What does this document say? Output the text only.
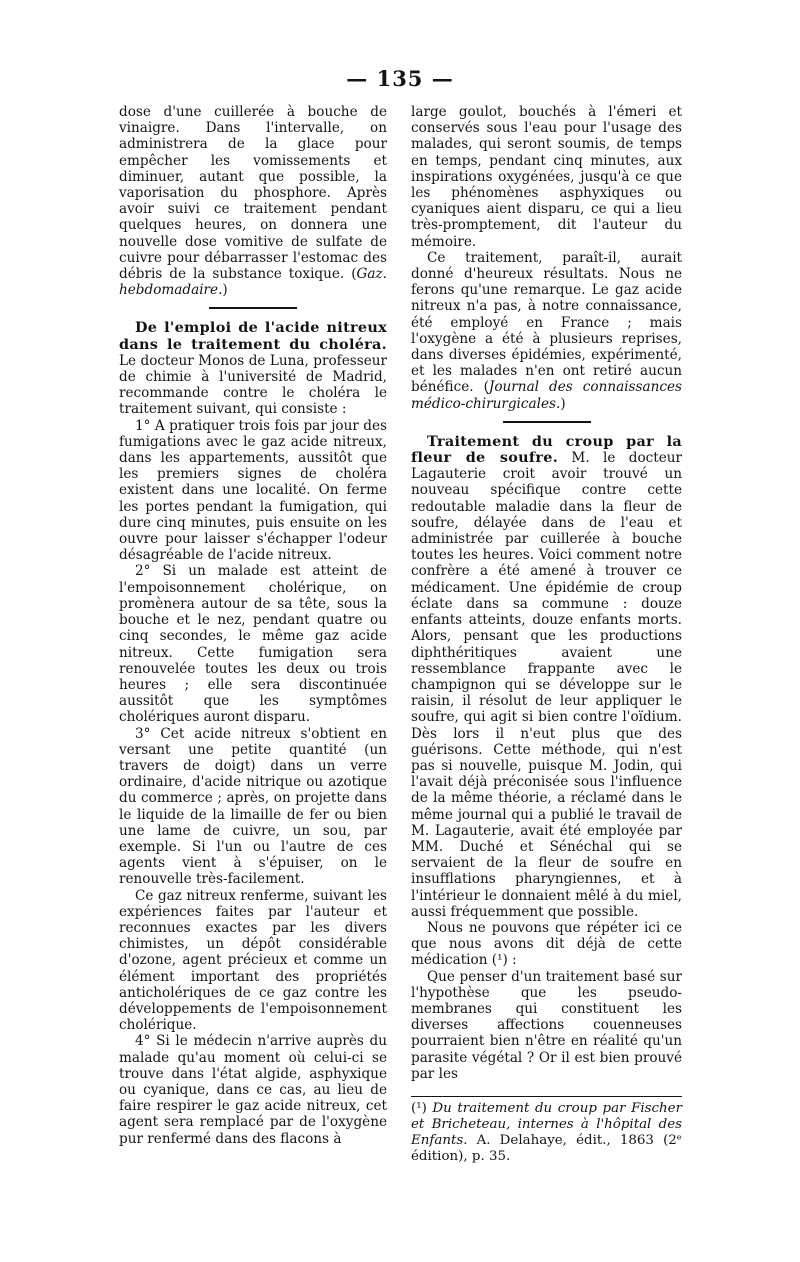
— 135 —

dose d'une cuillerée à bouche de vinaigre. Dans l'intervalle, on administrera de la glace pour empêcher les vomissements et diminuer, autant que possible, la vaporisation du phosphore. Après avoir suivi ce traitement pendant quelques heures, on donnera une nouvelle dose vomitive de sulfate de cuivre pour débarrasser l'estomac des débris de la substance toxique. (Gaz. hebdomadaire.)

De l'emploi de l'acide nitreux dans le traitement du choléra. Le docteur Monos de Luna, professeur de chimie à l'université de Madrid, recommande contre le choléra le traitement suivant, qui consiste :

1° A pratiquer trois fois par jour des fumigations avec le gaz acide nitreux, dans les appartements, aussitôt que les premiers signes de choléra existent dans une localité. On ferme les portes pendant la fumigation, qui dure cinq minutes, puis ensuite on les ouvre pour laisser s'échapper l'odeur désagréable de l'acide nitreux.

2° Si un malade est atteint de l'empoisonnement cholérique, on promènera autour de sa tête, sous la bouche et le nez, pendant quatre ou cinq secondes, le même gaz acide nitreux. Cette fumigation sera renouvelée toutes les deux ou trois heures ; elle sera discontinuée aussitôt que les symptômes cholériques auront disparu.

3° Cet acide nitreux s'obtient en versant une petite quantité (un travers de doigt) dans un verre ordinaire, d'acide nitrique ou azotique du commerce ; après, on projette dans le liquide de la limaille de fer ou bien une lame de cuivre, un sou, par exemple. Si l'un ou l'autre de ces agents vient à s'épuiser, on le renouvelle très-facilement.

Ce gaz nitreux renferme, suivant les expériences faites par l'auteur et reconnues exactes par les divers chimistes, un dépôt considérable d'ozone, agent précieux et comme un élément important des propriétés anticholériques de ce gaz contre les développements de l'empoisonnement cholérique.

4° Si le médecin n'arrive auprès du malade qu'au moment où celui-ci se trouve dans l'état algide, asphyxique ou cyanique, dans ce cas, au lieu de faire respirer le gaz acide nitreux, cet agent sera remplacé par de l'oxygène pur renfermé dans des flacons à

large goulot, bouchés à l'émeri et conservés sous l'eau pour l'usage des malades, qui seront soumis, de temps en temps, pendant cinq minutes, aux inspirations oxygénées, jusqu'à ce que les phénomènes asphyxiques ou cyaniques aient disparu, ce qui a lieu très-promptement, dit l'auteur du mémoire.

Ce traitement, paraît-il, aurait donné d'heureux résultats. Nous ne ferons qu'une remarque. Le gaz acide nitreux n'a pas, à notre connaissance, été employé en France ; mais l'oxygène a été à plusieurs reprises, dans diverses épidémies, expérimenté, et les malades n'en ont retiré aucun bénéfice. (Journal des connaissances médico-chirurgicales.)

Traitement du croup par la fleur de soufre. M. le docteur Lagauterie croit avoir trouvé un nouveau spécifique contre cette redoutable maladie dans la fleur de soufre, délayée dans de l'eau et administrée par cuillerée à bouche toutes les heures. Voici comment notre confrère a été amené à trouver ce médicament. Une épidémie de croup éclate dans sa commune : douze enfants atteints, douze enfants morts. Alors, pensant que les productions diphthéritiques avaient une ressemblance frappante avec le champignon qui se développe sur le raisin, il résolut de leur appliquer le soufre, qui agit si bien contre l'oïdium. Dès lors il n'eut plus que des guérisons. Cette méthode, qui n'est pas si nouvelle, puisque M. Jodin, qui l'avait déjà préconisée sous l'influence de la même théorie, a réclamé dans le même journal qui a publié le travail de M. Lagauterie, avait été employée par MM. Duché et Sénéchal qui se servaient de la fleur de soufre en insufflations pharyngiennes, et à l'intérieur le donnaient mêlé à du miel, aussi fréquemment que possible.

Nous ne pouvons que répéter ici ce que nous avons dit déjà de cette médication (¹) :

Que penser d'un traitement basé sur l'hypothèse que les pseudo-membranes qui constituent les diverses affections couenneuses pourraient bien n'être en réalité qu'un parasite végétal ? Or il est bien prouvé par les

(¹) Du traitement du croup par Fischer et Bricheteau, internes à l'hôpital des Enfants. A. Delahaye, édit., 1863 (2ᵉ édition), p. 35.
